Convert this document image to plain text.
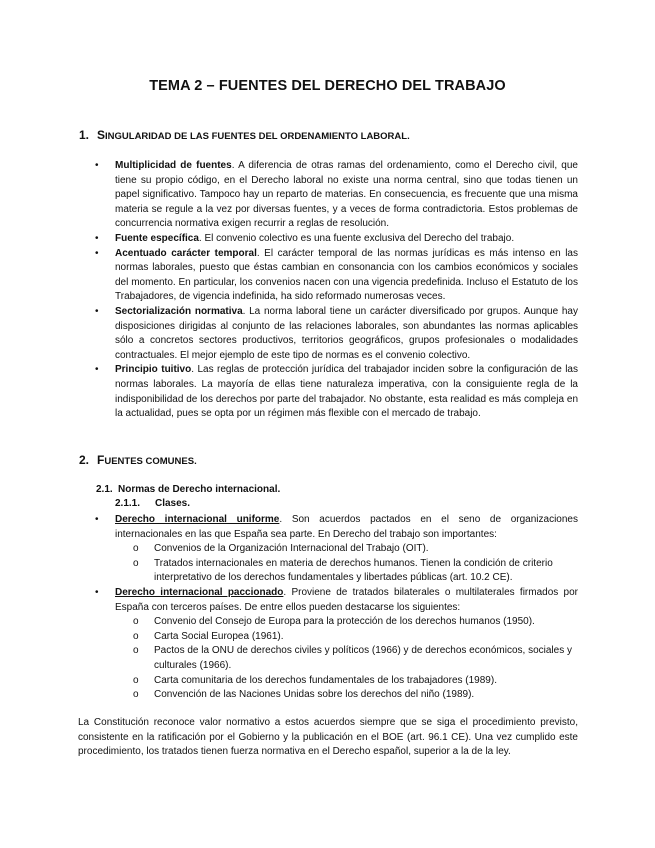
TEMA 2 – FUENTES DEL DERECHO DEL TRABAJO
1. SINGULARIDAD DE LAS FUENTES DEL ORDENAMIENTO LABORAL.
• Multiplicidad de fuentes. A diferencia de otras ramas del ordenamiento, como el Derecho civil, que tiene su propio código, en el Derecho laboral no existe una norma central, sino que todas tienen un papel significativo. Tampoco hay un reparto de materias. En consecuencia, es frecuente que una misma materia se regule a la vez por diversas fuentes, y a veces de forma contradictoria. Estos problemas de concurrencia normativa exigen recurrir a reglas de resolución.
• Fuente específica. El convenio colectivo es una fuente exclusiva del Derecho del trabajo.
• Acentuado carácter temporal. El carácter temporal de las normas jurídicas es más intenso en las normas laborales, puesto que éstas cambian en consonancia con los cambios económicos y sociales del momento. En particular, los convenios nacen con una vigencia predefinida. Incluso el Estatuto de los Trabajadores, de vigencia indefinida, ha sido reformado numerosas veces.
• Sectorialización normativa. La norma laboral tiene un carácter diversificado por grupos. Aunque hay disposiciones dirigidas al conjunto de las relaciones laborales, son abundantes las normas aplicables sólo a concretos sectores productivos, territorios geográficos, grupos profesionales o modalidades contractuales. El mejor ejemplo de este tipo de normas es el convenio colectivo.
• Principio tuitivo. Las reglas de protección jurídica del trabajador inciden sobre la configuración de las normas laborales. La mayoría de ellas tiene naturaleza imperativa, con la consiguiente regla de la indisponibilidad de los derechos por parte del trabajador. No obstante, esta realidad es más compleja en la actualidad, pues se opta por un régimen más flexible con el mercado de trabajo.
2. FUENTES COMUNES.
2.1. Normas de Derecho internacional.
2.1.1. Clases.
• Derecho internacional uniforme. Son acuerdos pactados en el seno de organizaciones internacionales en las que España sea parte. En Derecho del trabajo son importantes:
o Convenios de la Organización Internacional del Trabajo (OIT).
o Tratados internacionales en materia de derechos humanos. Tienen la condición de criterio interpretativo de los derechos fundamentales y libertades públicas (art. 10.2 CE).
• Derecho internacional paccionado. Proviene de tratados bilaterales o multilaterales firmados por España con terceros países. De entre ellos pueden destacarse los siguientes:
o Convenio del Consejo de Europa para la protección de los derechos humanos (1950).
o Carta Social Europea (1961).
o Pactos de la ONU de derechos civiles y políticos (1966) y de derechos económicos, sociales y culturales (1966).
o Carta comunitaria de los derechos fundamentales de los trabajadores (1989).
o Convención de las Naciones Unidas sobre los derechos del niño (1989).

La Constitución reconoce valor normativo a estos acuerdos siempre que se siga el procedimiento previsto, consistente en la ratificación por el Gobierno y la publicación en el BOE (art. 96.1 CE). Una vez cumplido este procedimiento, los tratados tienen fuerza normativa en el Derecho español, superior a la de la ley.
